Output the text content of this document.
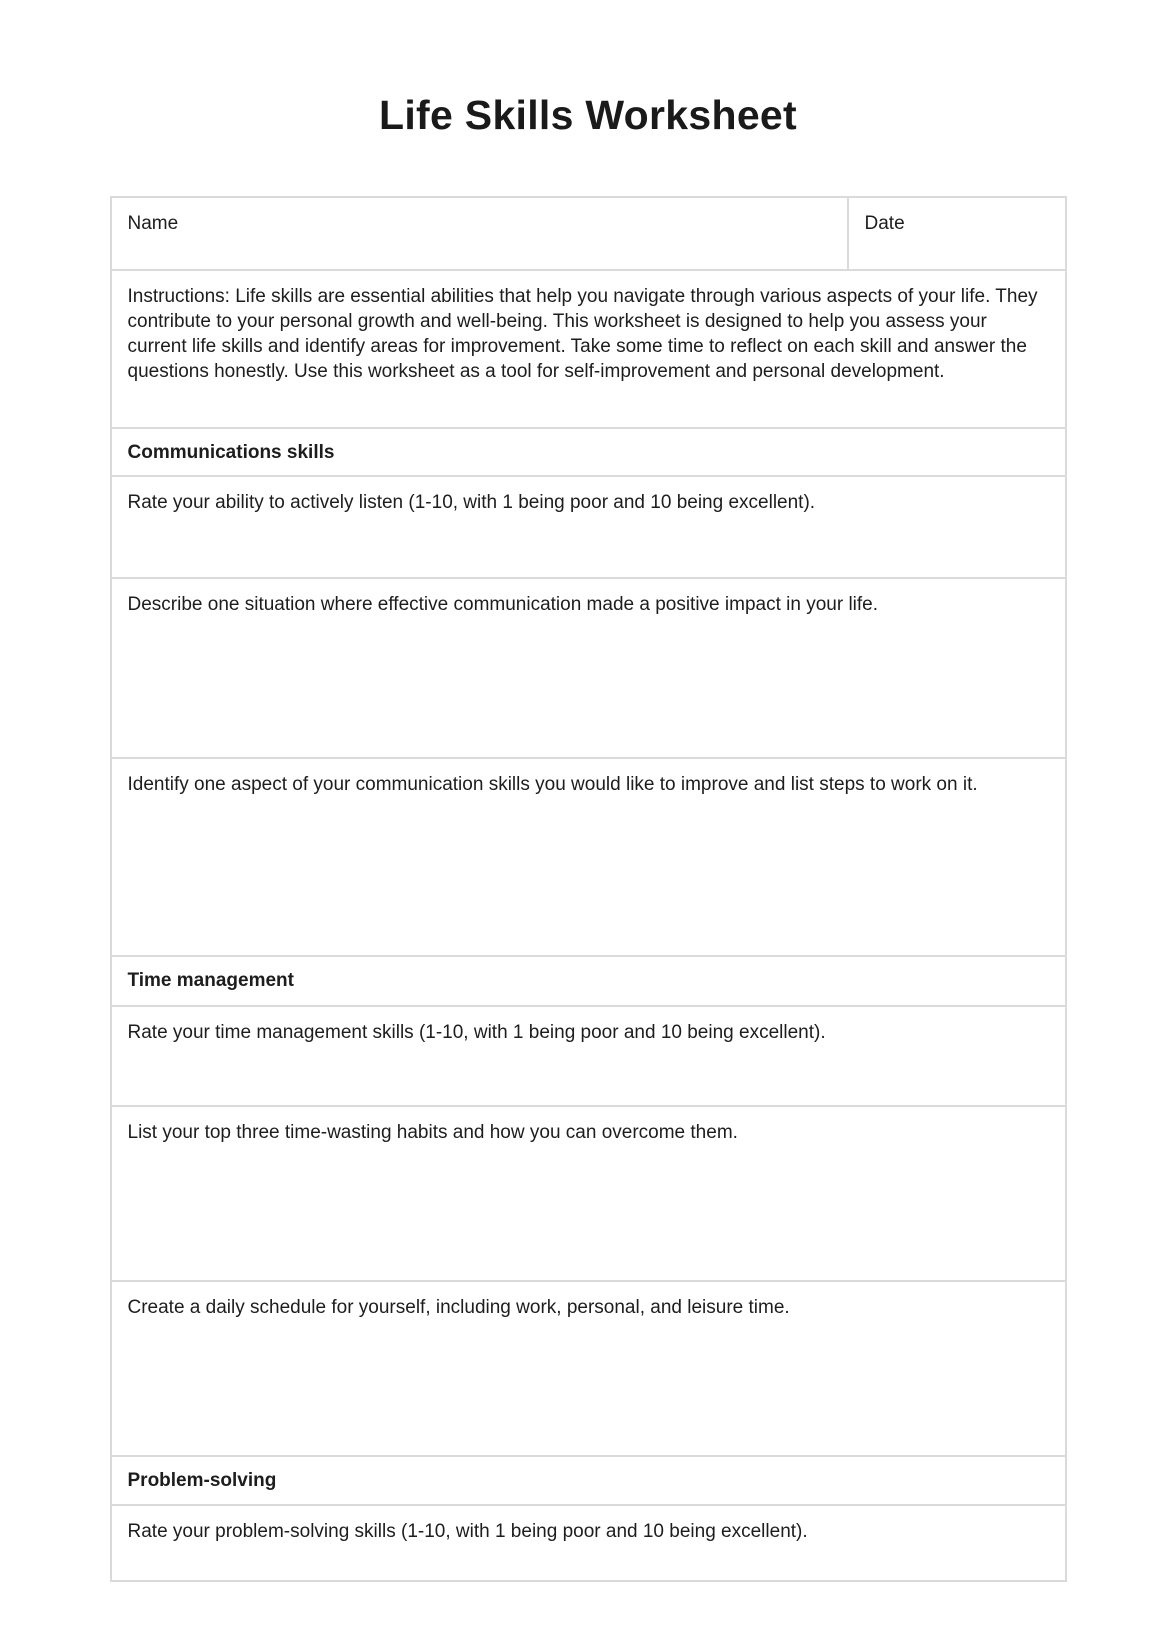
Life Skills Worksheet
Name	Date

Instructions: Life skills are essential abilities that help you navigate through various aspects of your life. They contribute to your personal growth and well-being. This worksheet is designed to help you assess your current life skills and identify areas for improvement. Take some time to reflect on each skill and answer the questions honestly. Use this worksheet as a tool for self-improvement and personal development.

Communications skills

Rate your ability to actively listen (1-10, with 1 being poor and 10 being excellent).

Describe one situation where effective communication made a positive impact in your life.

Identify one aspect of your communication skills you would like to improve and list steps to work on it.

Time management

Rate your time management skills (1-10, with 1 being poor and 10 being excellent).

List your top three time-wasting habits and how you can overcome them.

Create a daily schedule for yourself, including work, personal, and leisure time.

Problem-solving

Rate your problem-solving skills (1-10, with 1 being poor and 10 being excellent).
